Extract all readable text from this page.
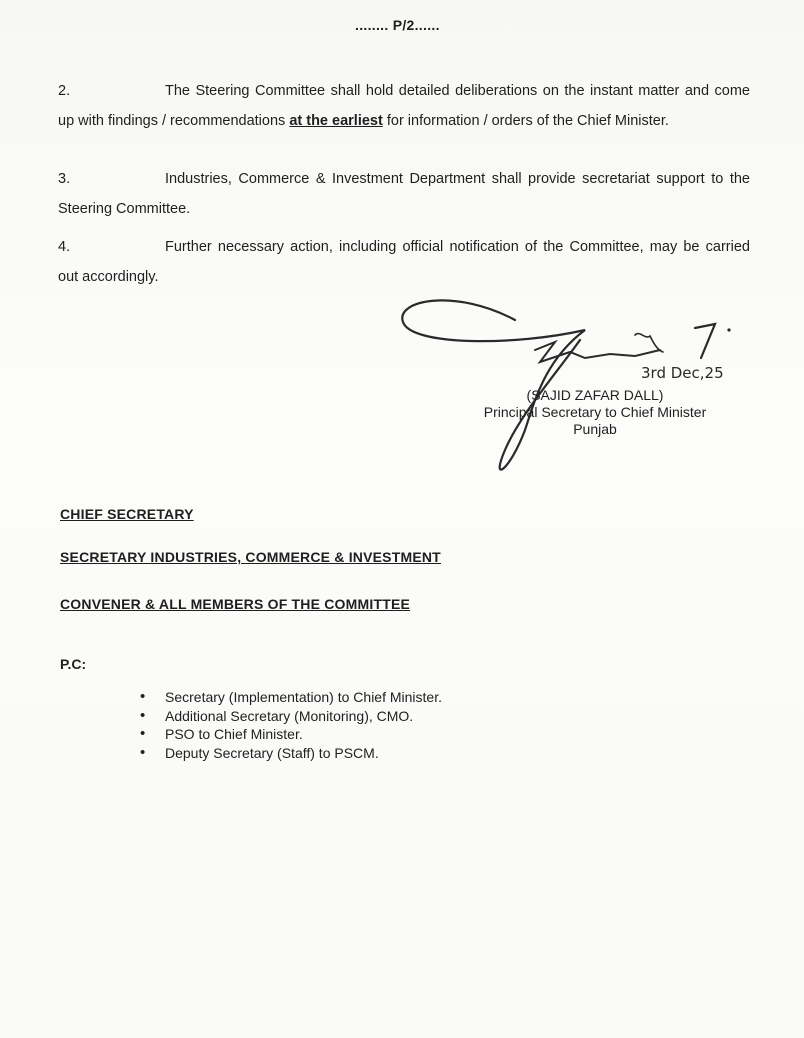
........ P/2......
2.	The Steering Committee shall hold detailed deliberations on the instant matter and come up with findings / recommendations at the earliest for information / orders of the Chief Minister.
3.	Industries, Commerce & Investment Department shall provide secretariat support to the Steering Committee.
4.	Further necessary action, including official notification of the Committee, may be carried out accordingly.
3rd Dec,25
(SAJID ZAFAR DALL)
Principal Secretary to Chief Minister
Punjab
CHIEF SECRETARY
SECRETARY INDUSTRIES, COMMERCE & INVESTMENT
CONVENER & ALL MEMBERS OF THE COMMITTEE
P.C:
• Secretary (Implementation) to Chief Minister.
• Additional Secretary (Monitoring), CMO.
• PSO to Chief Minister.
• Deputy Secretary (Staff) to PSCM.
